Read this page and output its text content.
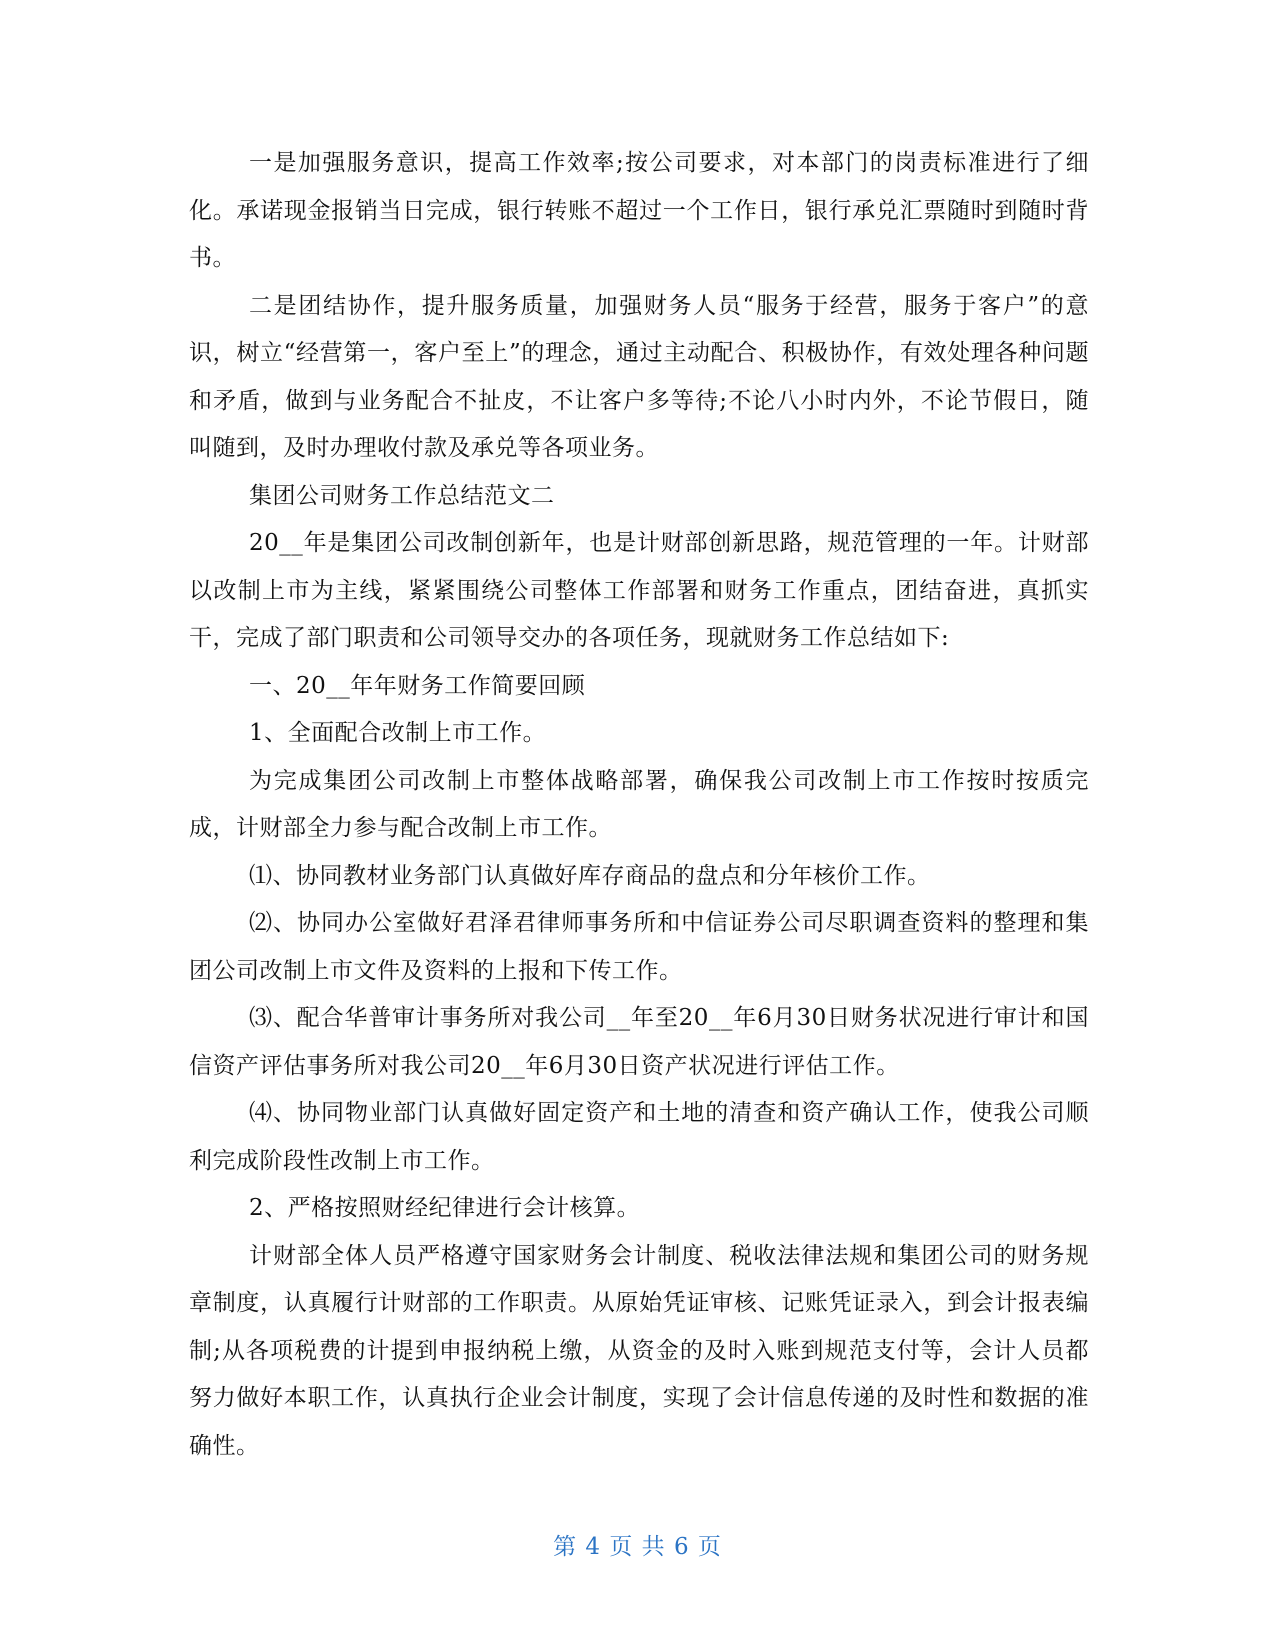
一是加强服务意识，提高工作效率;按公司要求，对本部门的岗责标准进行了细化。承诺现金报销当日完成，银行转账不超过一个工作日，银行承兑汇票随时到随时背书。

二是团结协作，提升服务质量，加强财务人员“服务于经营，服务于客户”的意识，树立“经营第一，客户至上”的理念，通过主动配合、积极协作，有效处理各种问题和矛盾，做到与业务配合不扯皮，不让客户多等待;不论八小时内外，不论节假日，随叫随到，及时办理收付款及承兑等各项业务。

集团公司财务工作总结范文二

20__年是集团公司改制创新年，也是计财部创新思路，规范管理的一年。计财部以改制上市为主线，紧紧围绕公司整体工作部署和财务工作重点，团结奋进，真抓实干，完成了部门职责和公司领导交办的各项任务，现就财务工作总结如下:

一、20__年年财务工作简要回顾

1、全面配合改制上市工作。

为完成集团公司改制上市整体战略部署，确保我公司改制上市工作按时按质完成，计财部全力参与配合改制上市工作。

⑴、协同教材业务部门认真做好库存商品的盘点和分年核价工作。

⑵、协同办公室做好君泽君律师事务所和中信证券公司尽职调查资料的整理和集团公司改制上市文件及资料的上报和下传工作。

⑶、配合华普审计事务所对我公司__年至20__年6月30日财务状况进行审计和国信资产评估事务所对我公司20__年6月30日资产状况进行评估工作。

⑷、协同物业部门认真做好固定资产和土地的清查和资产确认工作，使我公司顺利完成阶段性改制上市工作。

2、严格按照财经纪律进行会计核算。

计财部全体人员严格遵守国家财务会计制度、税收法律法规和集团公司的财务规章制度，认真履行计财部的工作职责。从原始凭证审核、记账凭证录入，到会计报表编制;从各项税费的计提到申报纳税上缴，从资金的及时入账到规范支付等，会计人员都努力做好本职工作，认真执行企业会计制度，实现了会计信息传递的及时性和数据的准确性。

第 4 页 共 6 页
